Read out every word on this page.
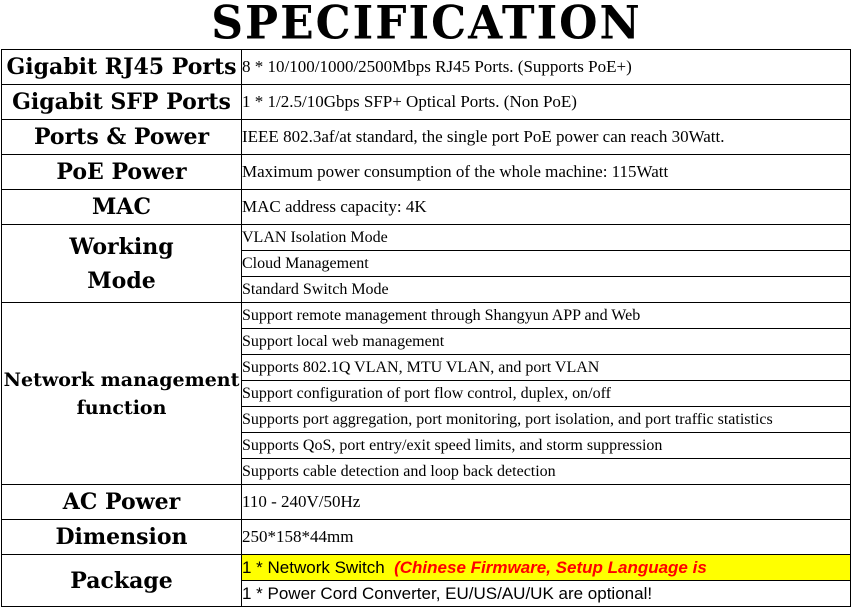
SPECIFICATION
Gigabit RJ45 Ports	8 * 10/100/1000/2500Mbps RJ45 Ports. (Supports PoE+)
Gigabit SFP Ports	1 * 1/2.5/10Gbps SFP+ Optical Ports. (Non PoE)
Ports & Power	IEEE 802.3af/at standard, the single port PoE power can reach 30Watt.
PoE Power	Maximum power consumption of the whole machine: 115Watt
MAC	MAC address capacity: 4K

Working
Mode	VLAN Isolation Mode
	Cloud Management
	Standard Switch Mode

Network management
function	Support remote management through Shangyun APP and Web
	Support local web management
	Supports 802.1Q VLAN, MTU VLAN, and port VLAN
	Support configuration of port flow control, duplex, on/off
	Supports port aggregation, port monitoring, port isolation, and port traffic statistics
	Supports QoS, port entry/exit speed limits, and storm suppression
	Supports cable detection and loop back detection
AC Power	110 - 240V/50Hz
Dimension	250*158*44mm
Package	1 * Network Switch  (Chinese Firmware, Setup Language is
	1 * Power Cord Converter, EU/US/AU/UK are optional!
